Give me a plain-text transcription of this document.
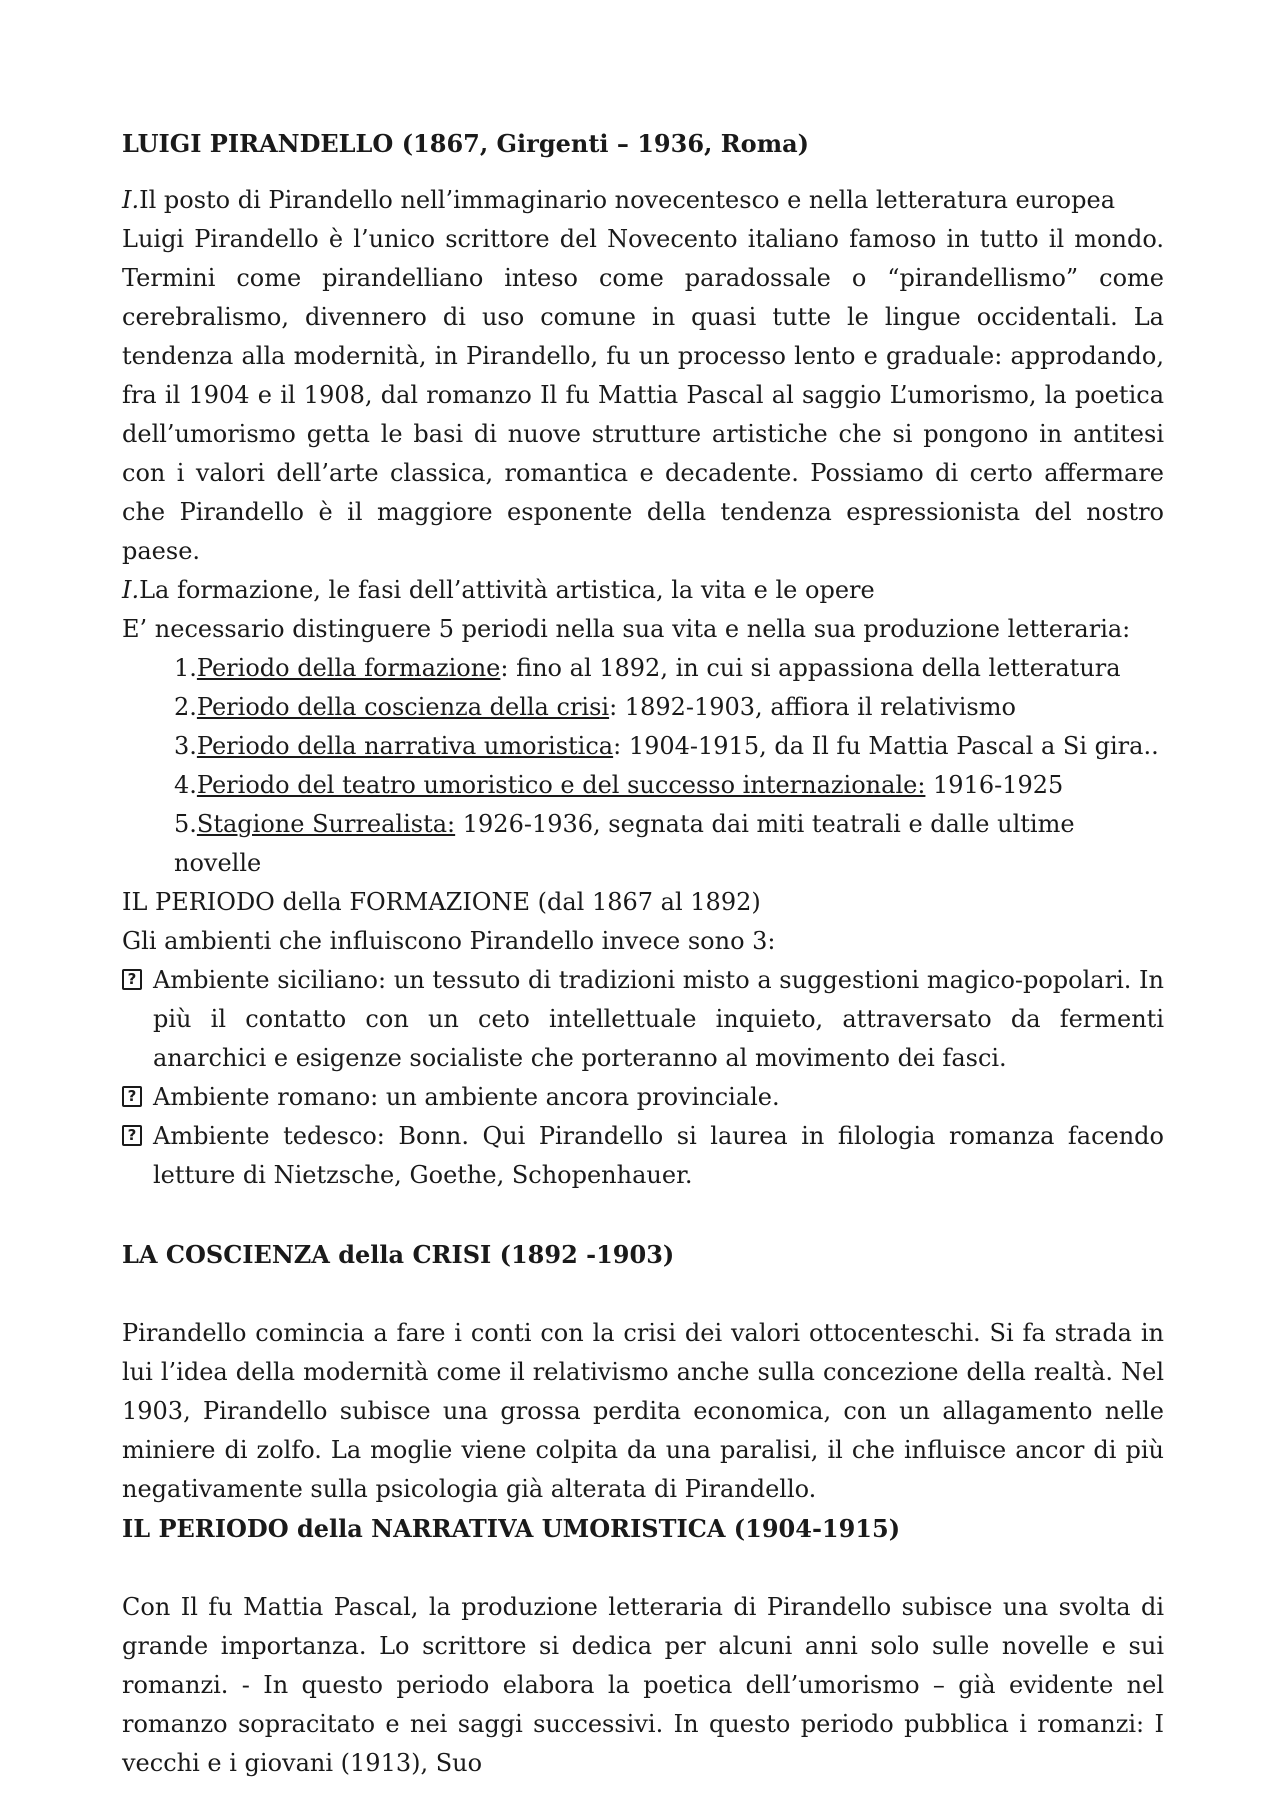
LUIGI PIRANDELLO (1867, Girgenti – 1936, Roma)

I.Il posto di Pirandello nell’immaginario novecentesco e nella letteratura europea

Luigi Pirandello è l’unico scrittore del Novecento italiano famoso in tutto il mondo. Termini come pirandelliano inteso come paradossale o “pirandellismo” come cerebralismo, divennero di uso comune in quasi tutte le lingue occidentali. La tendenza alla modernità, in Pirandello, fu un processo lento e graduale: approdando, fra il 1904 e il 1908, dal romanzo Il fu Mattia Pascal al saggio L’umorismo, la poetica dell’umorismo getta le basi di nuove strutture artistiche che si pongono in antitesi con i valori dell’arte classica, romantica e decadente. Possiamo di certo affermare che Pirandello è il maggiore esponente della tendenza espressionista del nostro paese.

I.La formazione, le fasi dell’attività artistica, la vita e le opere

E’ necessario distinguere 5 periodi nella sua vita e nella sua produzione letteraria:

1.Periodo della formazione: fino al 1892, in cui si appassiona della letteratura
2.Periodo della coscienza della crisi: 1892-1903, affiora il relativismo
3.Periodo della narrativa umoristica: 1904-1915, da Il fu Mattia Pascal a Si gira..
4.Periodo del teatro umoristico e del successo internazionale: 1916-1925
5.Stagione Surrealista: 1926-1936, segnata dai miti teatrali e dalle ultime novelle

IL PERIODO della FORMAZIONE (dal 1867 al 1892)

Gli ambienti che influiscono Pirandello invece sono 3:

? Ambiente siciliano: un tessuto di tradizioni misto a suggestioni magico-popolari. In più il contatto con un ceto intellettuale inquieto, attraversato da fermenti anarchici e esigenze socialiste che porteranno al movimento dei fasci.
? Ambiente romano: un ambiente ancora provinciale.
? Ambiente tedesco: Bonn. Qui Pirandello si laurea in filologia romanza facendo letture di Nietzsche, Goethe, Schopenhauer.

LA COSCIENZA della CRISI (1892 -1903)

Pirandello comincia a fare i conti con la crisi dei valori ottocenteschi. Si fa strada in lui l’idea della modernità come il relativismo anche sulla concezione della realtà. Nel 1903, Pirandello subisce una grossa perdita economica, con un allagamento nelle miniere di zolfo. La moglie viene colpita da una paralisi, il che influisce ancor di più negativamente sulla psicologia già alterata di Pirandello.

IL PERIODO della NARRATIVA UMORISTICA (1904-1915)

Con Il fu Mattia Pascal, la produzione letteraria di Pirandello subisce una svolta di grande importanza. Lo scrittore si dedica per alcuni anni solo sulle novelle e sui romanzi. - In questo periodo elabora la poetica dell’umorismo – già evidente nel romanzo sopracitato e nei saggi successivi. In questo periodo pubblica i romanzi: I vecchi e i giovani (1913), Suo
